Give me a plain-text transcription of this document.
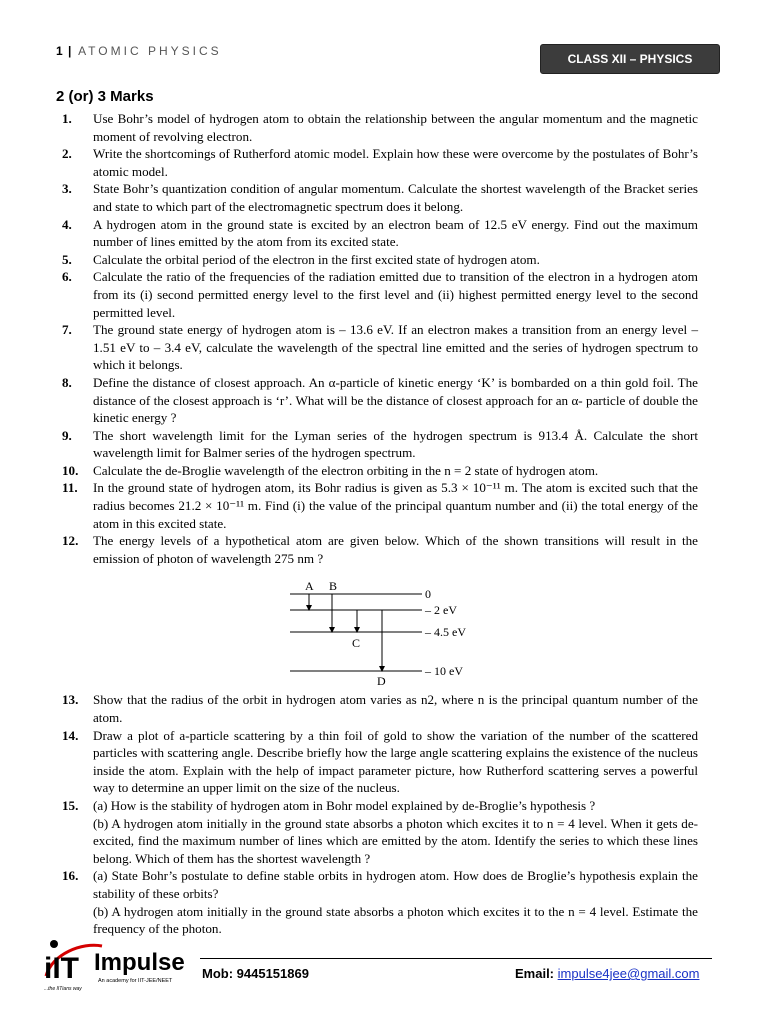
1 | ATOMIC PHYSICS
CLASS XII – PHYSICS
2 (or) 3 Marks
1.	Use Bohr’s model of hydrogen atom to obtain the relationship between the angular momentum and the magnetic moment of revolving electron.
2.	Write the shortcomings of Rutherford atomic model. Explain how these were overcome by the postulates of Bohr’s atomic model.
3.	State Bohr’s quantization condition of angular momentum. Calculate the shortest wavelength of the Bracket series and state to which part of the electromagnetic spectrum does it belong.
4.	A hydrogen atom in the ground state is excited by an electron beam of 12.5 eV energy. Find out the maximum number of lines emitted by the atom from its excited state.
5.	Calculate the orbital period of the electron in the first excited state of hydrogen atom.
6.	Calculate the ratio of the frequencies of the radiation emitted due to transition of the electron in a hydrogen atom from its (i) second permitted energy level to the first level and (ii) highest permitted energy level to the second permitted level.
7.	The ground state energy of hydrogen atom is – 13.6 eV. If an electron makes a transition from an energy level – 1.51 eV to – 3.4 eV, calculate the wavelength of the spectral line emitted and the series of hydrogen spectrum to which it belongs.
8.	Define the distance of closest approach. An α-particle of kinetic energy ‘K’ is bombarded on a thin gold foil. The distance of the closest approach is ‘r’. What will be the distance of closest approach for an α- particle of double the kinetic energy ?
9.	The short wavelength limit for the Lyman series of the hydrogen spectrum is 913.4 Å. Calculate the short wavelength limit for Balmer series of the hydrogen spectrum.
10.	Calculate the de-Broglie wavelength of the electron orbiting in the n = 2 state of hydrogen atom.
11.	In the ground state of hydrogen atom, its Bohr radius is given as 5.3 × 10⁻¹¹ m. The atom is excited such that the radius becomes 21.2 × 10⁻¹¹ m. Find (i) the value of the principal quantum number and (ii) the total energy of the atom in this excited state.
12.	The energy levels of a hypothetical atom are given below. Which of the shown transitions will result in the emission of photon of wavelength 275 nm ?
A B
C
D
0
– 2 eV
– 4.5 eV
– 10 eV
13.	Show that the radius of the orbit in hydrogen atom varies as n2, where n is the principal quantum number of the atom.
14.	Draw a plot of a-particle scattering by a thin foil of gold to show the variation of the number of the scattered particles with scattering angle. Describe briefly how the large angle scattering explains the existence of the nucleus inside the atom. Explain with the help of impact parameter picture, how Rutherford scattering serves a powerful way to determine an upper limit on the size of the nucleus.
15.	(a) How is the stability of hydrogen atom in Bohr model explained by de-Broglie’s hypothesis ?

(b) A hydrogen atom initially in the ground state absorbs a photon which excites it to n = 4 level. When it gets de-excited, find the maximum number of lines which are emitted by the atom. Identify the series to which these lines belong. Which of them has the shortest wavelength ?

16.	(a) State Bohr’s postulate to define stable orbits in hydrogen atom. How does de Broglie’s hypothesis explain the stability of these orbits?

(b) A hydrogen atom initially in the ground state absorbs a photon which excites it to the n = 4 level. Estimate the frequency of the photon.

iIT Impulse
...the IITians way
An academy for IIT-JEE/NEET Mob: 9445151869	Email: impulse4jee@gmail.com
